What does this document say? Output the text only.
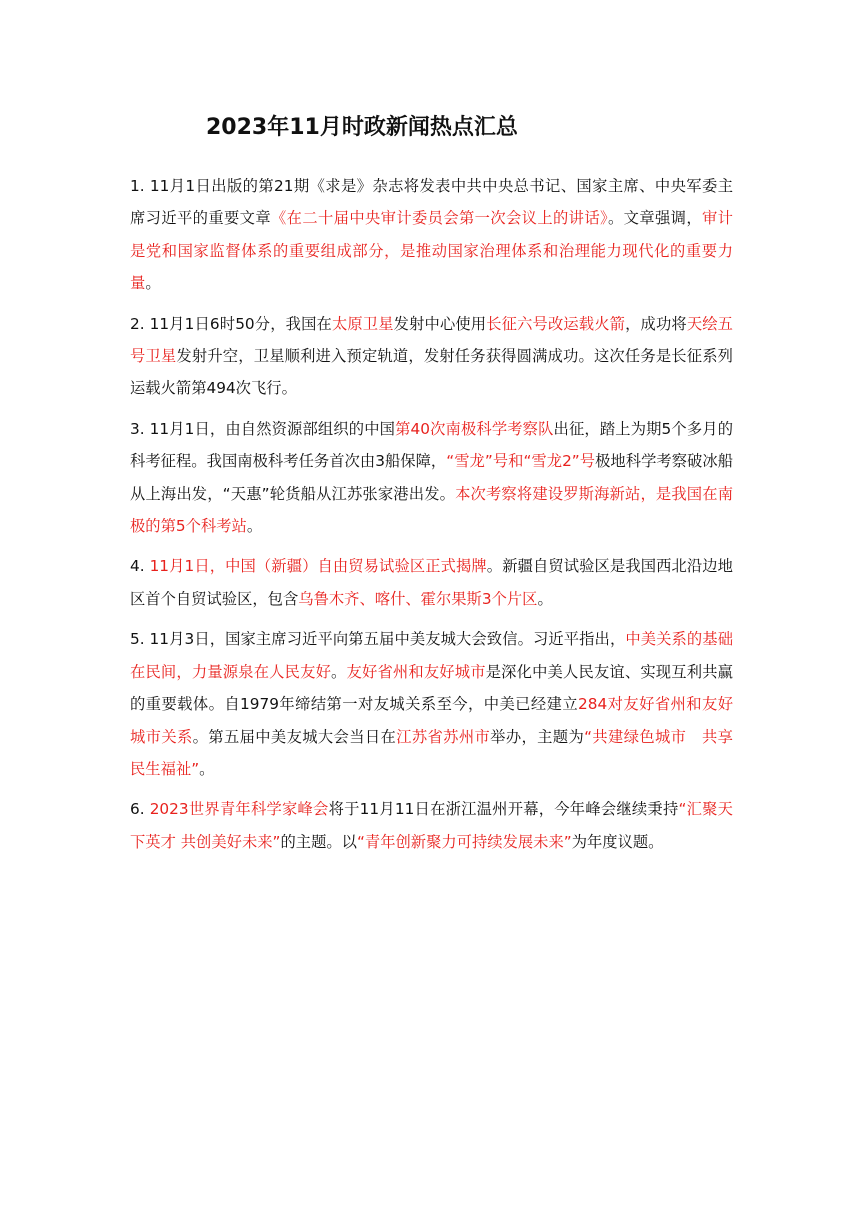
2023年11月时政新闻热点汇总

1. 11月1日出版的第21期《求是》杂志将发表中共中央总书记、国家主席、中央军委主席习近平的重要文章《在二十届中央审计委员会第一次会议上的讲话》。文章强调，审计是党和国家监督体系的重要组成部分，是推动国家治理体系和治理能力现代化的重要力量。

2. 11月1日6时50分，我国在太原卫星发射中心使用长征六号改运载火箭，成功将天绘五号卫星发射升空，卫星顺利进入预定轨道，发射任务获得圆满成功。这次任务是长征系列运载火箭第494次飞行。

3. 11月1日，由自然资源部组织的中国第40次南极科学考察队出征，踏上为期5个多月的科考征程。我国南极科考任务首次由3船保障，“雪龙”号和“雪龙2”号极地科学考察破冰船从上海出发，“天惠”轮货船从江苏张家港出发。本次考察将建设罗斯海新站，是我国在南极的第5个科考站。

4. 11月1日，中国（新疆）自由贸易试验区正式揭牌。新疆自贸试验区是我国西北沿边地区首个自贸试验区，包含乌鲁木齐、喀什、霍尔果斯3个片区。

5. 11月3日，国家主席习近平向第五届中美友城大会致信。习近平指出，中美关系的基础在民间，力量源泉在人民友好。友好省州和友好城市是深化中美人民友谊、实现互利共赢的重要载体。自1979年缔结第一对友城关系至今，中美已经建立284对友好省州和友好城市关系。第五届中美友城大会当日在江苏省苏州市举办，主题为“共建绿色城市　共享民生福祉”。

6. 2023世界青年科学家峰会将于11月11日在浙江温州开幕，今年峰会继续秉持“汇聚天下英才 共创美好未来”的主题。以“青年创新聚力可持续发展未来”为年度议题。
